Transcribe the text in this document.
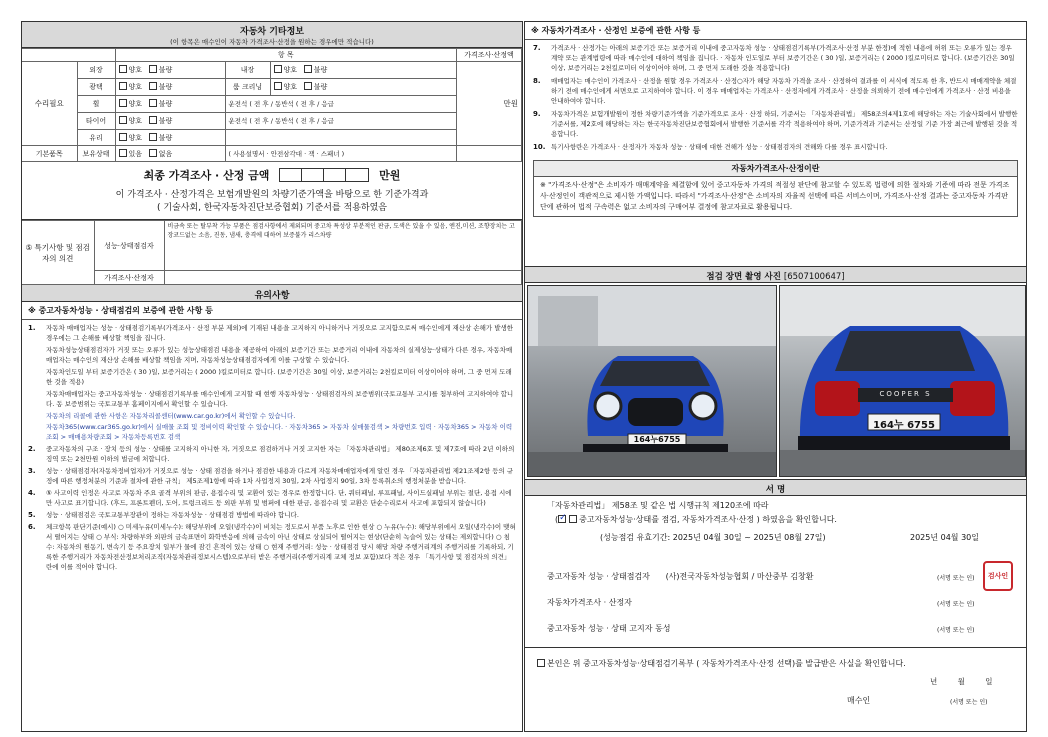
자동차 기타정보
(이 항목은 매수인이 자동차 가격조사·산정을 원하는 경우에만 적습니다)
		항 목			가격조사·산정액
수리필요	외장	양호 불량	내장	양호 불량	만원
	광택	양호 불량	룸 크리닝	양호 불량	
	휠	양호 불량	운전석 ( 전 후 / 동반석 ( 전 후 / 응급		
	타이어	양호 불량	운전석 ( 전 후 / 동반석 ( 전 후 / 응급		
	유리	양호 불량			
기본품목	보유상태	있음 없음	( 사용설명서 · 안전삼각대 · 잭 · 스패너 )		
최종 가격조사 · 산정 금액	만원
이 가격조사 · 산정가격은 보험개발원의 차량기준가액을 바탕으로 한 기준가격과
( 기술사회, 한국자동차진단보증협회) 기준서를 적용하였음
⑤ 특기사항 및 점검자의 의견	성능·상태점검자	비금속 또는 탈부착 가능 부품은 점검사항에서 제외되며 중고차 특성상 부분적인 판금, 도색은 있을 수 있음, 엔진,미션, 조향장치는 고장코드없는 소음, 진동, 냄새, 충격에 대하여 보증불가 리스차량
	가격조사·산정자	
유의사항
※ 중고자동차성능 · 상태점검의 보증에 관한 사항 등
1.	자동차 매매업자는 성능 · 상태점검기록부(가격조사 · 산정 부분 제외)에 기재된 내용을 고지하지 아니하거나 거짓으로 고지함으로써 매수인에게 재산상 손해가 발생한 경우에는 그 손해를 배상할 책임을 집니다.
자동차성능상태점검자가 거짓 또는 오류가 있는 성능상태점검 내용을 제공하여 아래의 보증기간 또는 보증거리 이내에 자동차의 실제성능·상태가 다른 경우, 자동차매매업자는 매수인의 재산상 손해를 배상할 책임을 지며, 자동차성능상태점검자에게 이를 구상할 수 있습니다.
자동차인도일 부터 보증기간은 ( 30 )일, 보증거리는 ( 2000 )킬로미터로 합니다. (보증기간은 30일 이상, 보증거리는 2천킬로미터 이상이어야 하며, 그 중 먼저 도래한 것을 적용)
자동차매매업자는 중고자동차성능 · 상태점검기록부를 매수인에게 고지할 때 현행 자동차성능 · 상태점검자의 보증범위(국토교통부 고시)를 첨부하여 고지하여야 합니다. 동 보증범위는 국토교통부 홈페이지에서 확인할 수 있습니다.
자동차의 리콜에 관한 사항은 자동차리콜센터(www.car.go.kr)에서 확인할 수 있습니다.
자동차365(www.car365.go.kr)에서 실매물 조회 및 정비이력 확인할 수 있습니다. · 자동차365 > 자동차 실매물검색 > 차량번호 입력 · 자동차365 > 자동차 이력조회 > 매매용차량조회 > 자동차등록번호 검색
2.	중고자동차의 구조 · 장치 등의 성능 · 상태를 고지하지 아니한 자, 거짓으로 점검하거나 거짓 고지한 자는 「자동차관리법」 제80조제6호 및 제7호에 따라 2년 이하의 징역 또는 2천만원 이하의 벌금에 처합니다.
3.	성능 · 상태점검자(자동차정비업자)가 거짓으로 성능 · 상태 점검을 하거나 점검한 내용과 다르게 자동차매매업자에게 알린 경우 「자동차관리법 제21조제2항 등의 규정에 따른 행정처분의 기준과 절차에 관한 규칙」 제5조제1항에 따라 1차 사업정지 30일, 2차 사업정지 90일, 3차 등록취소의 행정처분을 받습니다.
4.	⑤ 사고이력 인정은 사고로 자동차 주요 골격 부위의 판금, 용접수리 및 교환이 있는 경우로 한정합니다. 단, 쿼터패널, 루프패널, 사이드실패널 부위는 절단, 용접 시에만 사고로 표기합니다. (후드, 프론트펜더, 도어, 트렁크리드 등 외판 부위 및 범퍼에 대한 판금, 용접수리 및 교환은 단순수리로서 사고에 포함되지 않습니다)
5.	성능 · 상태점검은 국토교통부장관이 정하는 자동차성능 · 상태점검 방법에 따라야 합니다.
6.	체크항목 판단기준(예시) ○ 미세누유(미세누수): 해당부위에 오일(냉각수)이 비치는 정도로서 부품 노후로 인한 현상 ○ 누유(누수): 해당부위에서 오일(냉각수)이 맺혀서 떨어지는 상태 ○ 부식: 차량하부와 외판의 금속표면이 화학반응에 의해 금속이 아닌 상태로 상실되어 떨어지는 현상(단순히 녹슬어 있는 상태는 제외합니다) ○ 침수: 자동차의 원동기, 변속기 등 주요장치 일부가 물에 잠긴 흔적이 있는 상태 ○ 현재 주행거리: 성능 · 상태점검 당시 해당 차량 주행거리계의 주행거리를 기록하되, 기록한 주행거리가 자동차전산정보처리조직(자동차관리정보시스템)으로부터 받은 주행거리(주행거리계 교체 정보 포함)보다 적은 경우 「특기사항 및 점검자의 의견」란에 이를 적어야 합니다.
※ 자동차가격조사 · 산정인 보증에 관한 사항 등
7.	가격조사 · 산정가는 아래의 보증기간 또는 보증거리 이내에 중고자동차 성능 · 상태점검기록부(가격조사·산정 부분 한정)에 적힌 내용에 허위 또는 오류가 있는 경우 계약 또는 관계법령에 따라 매수인에 대하여 책임을 집니다. · 자동차 인도일로 부터 보증기간은 ( 30 )일, 보증거리는 ( 2000 )킬로미터로 합니다. (보증기간은 30일 이상, 보증거리는 2천킬로미터 이상이어야 하며, 그 중 먼저 도래한 것을 적용합니다)
8.	매매업자는 매수인이 가격조사 · 산정을 원할 경우 가격조사 · 산정○자가 해당 자동차 가격을 조사 · 산정하여 결과를 이 서식에 적도록 한 후, 반드시 매매계약을 체결하기 전에 매수인에게 서면으로 고지하여야 합니다. 이 경우 매매업자는 가격조사 · 산정자에게 가격조사 · 산정을 의뢰하기 전에 매수인에게 가격조사 · 산정 비용을 안내하여야 합니다.
9.	자동차가격은 보험개발원이 정한 차량기준가액을 기준가격으로 조사 · 산정 하되, 기준서는 「자동차관리법」 제58조의4제1호에 해당하는 자는 기술사회에서 발행한 기준서를, 제2호에 해당하는 자는 한국자동차진단보증협회에서 발행한 기준서를 각각 적용하여야 하며, 기준가격과 기준서는 산정일 기준 가장 최근에 발행된 것을 적용합니다.
10. 특기사항란은 가격조사 · 산정자가 자동차 성능 · 상태에 대한 견해가 성능 · 상태점검자의 견해와 다를 경우 표시합니다.
자동차가격조사·산정이란
※ "가격조사·산정"은 소비자가 매매계약을 체결함에 있어 중고자동차 가격의 적절성 판단에 참고할 수 있도록 법령에 의한 절차와 기준에 따라 전문 가격조사·산정인이 객관적으로 제시한 가액입니다. 따라서 "가격조사·산정"은 소비자의 자율적 선택에 따른 서비스이며, 가격조사·산정 결과는 중고자동차 가격판단에 관하여 법적 구속력은 없고 소비자의 구매여부 결정에 참고자료로 활용됩니다.
점검 장면 촬영 사진 [6507100647]
164누6755
COOPER S
164누 6755
서 명
「자동차관리법」 제58조 및 같은 법 시행규칙 제120조에 따라
( ✓	중고자동차성능·상태를 점검, 자동차가격조사·산정 ) 하였음을 확인합니다.
(성능점검 유효기간: 2025년 04월 30일 ~ 2025년 08월 27일)	2025년 04월 30일
중고자동차 성능 · 상태점검자 (사)전국자동차성능협회 / 마산중부 김창환	(서명 또는 인) 검사인
자동차가격조사 · 산정자	(서명 또는 인)
중고자동차 성능 · 상태 고지자 동성	(서명 또는 인)
본인은 위 중고자동차성능·상태점검기록부 ( 자동차가격조사·산정 선택)를 발급받은 사실을 확인합니다.
년 월 일
매수인	(서명 또는 인)
